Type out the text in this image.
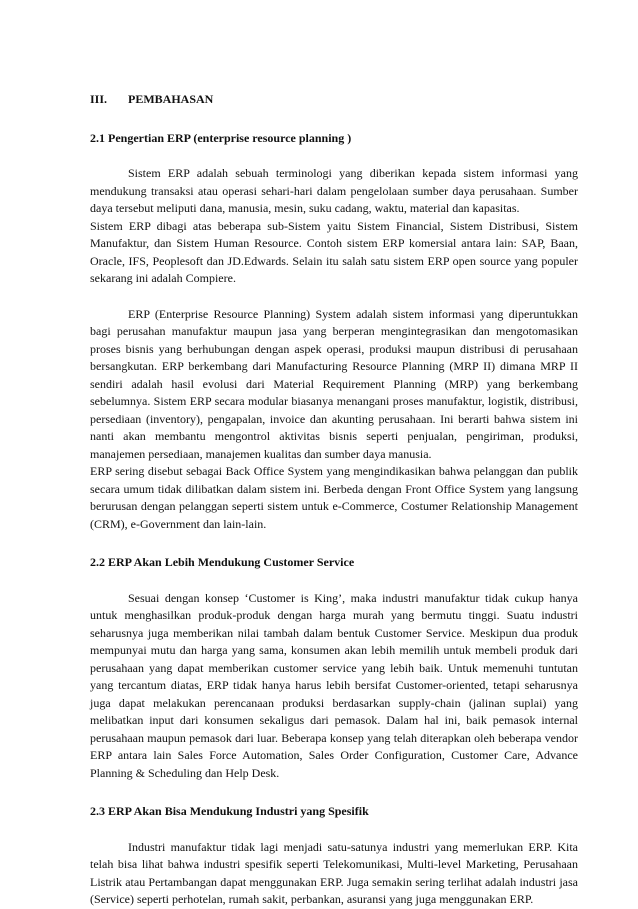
III. PEMBAHASAN
2.1 Pengertian ERP (enterprise resource planning )

Sistem ERP adalah sebuah terminologi yang diberikan kepada sistem informasi yang mendukung transaksi atau operasi sehari-hari dalam pengelolaan sumber daya perusahaan. Sumber daya tersebut meliputi dana, manusia, mesin, suku cadang, waktu, material dan kapasitas.

Sistem ERP dibagi atas beberapa sub-Sistem yaitu Sistem Financial, Sistem Distribusi, Sistem Manufaktur, dan Sistem Human Resource. Contoh sistem ERP komersial antara lain: SAP, Baan, Oracle, IFS, Peoplesoft dan JD.Edwards. Selain itu salah satu sistem ERP open source yang populer sekarang ini adalah Compiere.

ERP (Enterprise Resource Planning) System adalah sistem informasi yang diperuntukkan bagi perusahan manufaktur maupun jasa yang berperan mengintegrasikan dan mengotomasikan proses bisnis yang berhubungan dengan aspek operasi, produksi maupun distribusi di perusahaan bersangkutan. ERP berkembang dari Manufacturing Resource Planning (MRP II) dimana MRP II sendiri adalah hasil evolusi dari Material Requirement Planning (MRP) yang berkembang sebelumnya. Sistem ERP secara modular biasanya menangani proses manufaktur, logistik, distribusi, persediaan (inventory), pengapalan, invoice dan akunting perusahaan. Ini berarti bahwa sistem ini nanti akan membantu mengontrol aktivitas bisnis seperti penjualan, pengiriman, produksi, manajemen persediaan, manajemen kualitas dan sumber daya manusia.

ERP sering disebut sebagai Back Office System yang mengindikasikan bahwa pelanggan dan publik secara umum tidak dilibatkan dalam sistem ini. Berbeda dengan Front Office System yang langsung berurusan dengan pelanggan seperti sistem untuk e-Commerce, Costumer Relationship Management (CRM), e-Government dan lain-lain.

2.2 ERP Akan Lebih Mendukung Customer Service

Sesuai dengan konsep ‘Customer is King’, maka industri manufaktur tidak cukup hanya untuk menghasilkan produk-produk dengan harga murah yang bermutu tinggi. Suatu industri seharusnya juga memberikan nilai tambah dalam bentuk Customer Service. Meskipun dua produk mempunyai mutu dan harga yang sama, konsumen akan lebih memilih untuk membeli produk dari perusahaan yang dapat memberikan customer service yang lebih baik. Untuk memenuhi tuntutan yang tercantum diatas, ERP tidak hanya harus lebih bersifat Customer-oriented, tetapi seharusnya juga dapat melakukan perencanaan produksi berdasarkan supply-chain (jalinan suplai) yang melibatkan input dari konsumen sekaligus dari pemasok. Dalam hal ini, baik pemasok internal perusahaan maupun pemasok dari luar. Beberapa konsep yang telah diterapkan oleh beberapa vendor ERP antara lain Sales Force Automation, Sales Order Configuration, Customer Care, Advance Planning & Scheduling dan Help Desk.

2.3 ERP Akan Bisa Mendukung Industri yang Spesifik

Industri manufaktur tidak lagi menjadi satu-satunya industri yang memerlukan ERP. Kita telah bisa lihat bahwa industri spesifik seperti Telekomunikasi, Multi-level Marketing, Perusahaan Listrik atau Pertambangan dapat menggunakan ERP. Juga semakin sering terlihat adalah industri jasa (Service) seperti perhotelan, rumah sakit, perbankan, asuransi yang juga menggunakan ERP.
